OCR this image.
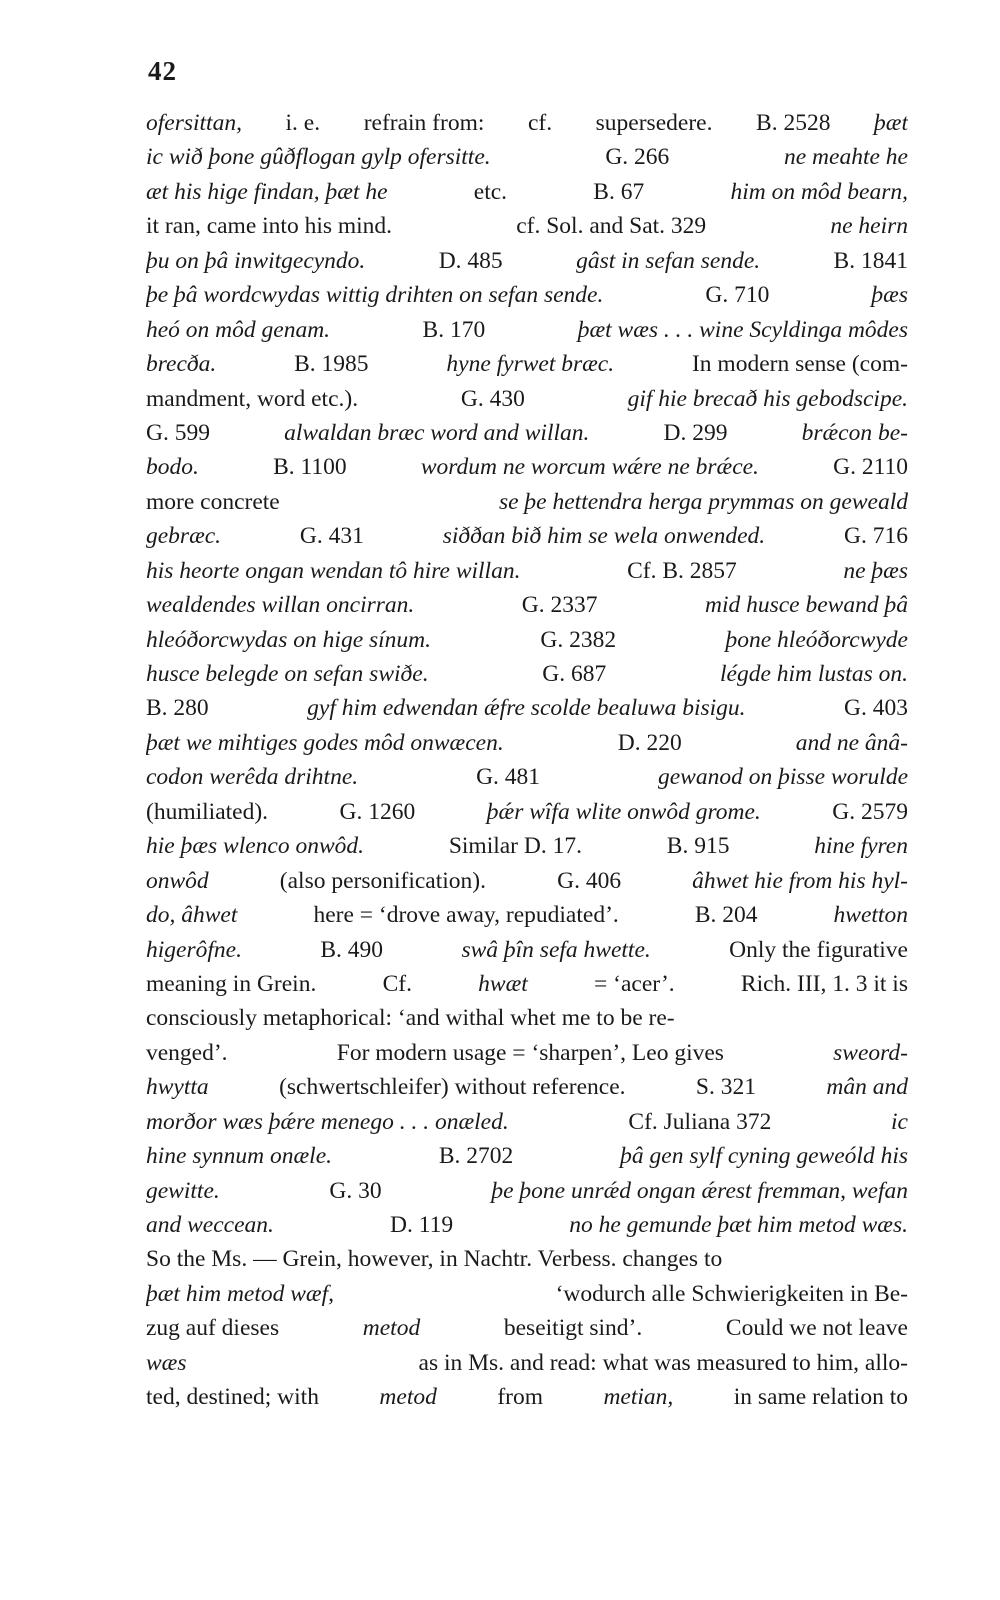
42
ofersittan, i. e. refrain from: cf. supersedere. B. 2528 þæt
ic wið þone gûðflogan gylp ofersitte.	G. 266	ne meahte he
æt his hige findan, þæt he	etc.	B. 67	him on môd bearn,
it ran, came into his mind.	cf. Sol. and Sat. 329	ne heirn
þu on þâ inwitgecyndo.	D. 485	gâst in sefan sende.	B. 1841
þe þâ wordcwydas wittig drihten on sefan sende.	G. 710	þæs
heó on môd genam.	B. 170	þæt wæs . . . wine Scyldinga môdes
brecða.	B. 1985	hyne fyrwet bræc.	In modern sense (com-
mandment, word etc.).	G. 430	gif hie brecað his gebodscipe.
G. 599	alwaldan bræc word and willan.	D. 299	brǽcon be-
bodo.	B. 1100	wordum ne worcum wǽre ne brǽce.	G. 2110
more concrete	se þe hettendra herga prymmas on geweald
gebræc.	G. 431	siððan bið him se wela onwended.	G. 716
his heorte ongan wendan tô hire willan.	Cf. B. 2857	ne þæs
wealdendes willan oncirran.	G. 2337	mid husce bewand þâ
hleóðorcwydas on hige sínum.	G. 2382	þone hleóðorcwyde
husce belegde on sefan swiðe.	G. 687	légde him lustas on.
B. 280	gyf him edwendan ǽfre scolde bealuwa bisigu.	G. 403
þæt we mihtiges godes môd onwæcen.	D. 220	and ne ânâ-
codon werêda drihtne.	G. 481	gewanod on þisse worulde
(humiliated).	G. 1260	þǽr wîfa wlite onwôd grome.	G. 2579
hie þæs wlenco onwôd.	Similar D. 17.	B. 915	hine fyren
onwôd	(also personification).	G. 406	âhwet hie from his hyl-
do, âhwet	here = ‘drove away, repudiated’.	B. 204	hwetton
higerôfne.	B. 490	swâ þîn sefa hwette.	Only the figurative
meaning in Grein.	Cf.	hwæt	= ‘acer’.	Rich. III, 1. 3 it is
consciously metaphorical: ‘and withal whet me to be re-
venged’.	For modern usage = ‘sharpen’, Leo gives	sweord-
hwytta	(schwertschleifer) without reference.	S. 321	mân and
morðor wæs þǽre menego . . . onæled.	Cf. Juliana 372	ic
hine synnum onæle.	B. 2702	þâ gen sylf cyning geweóld his
gewitte.	G. 30	þe þone unrǽd ongan ǽrest fremman, wefan
and weccean.	D. 119	no he gemunde þæt him metod wæs.
So the Ms. — Grein, however, in Nachtr. Verbess. changes to
þæt him metod wæf,	‘wodurch alle Schwierigkeiten in Be-
zug auf dieses	metod	beseitigt sind’.	Could we not leave
wæs	as in Ms. and read: what was measured to him, allo-
ted, destined; with	metod	from	metian,	in same relation to
